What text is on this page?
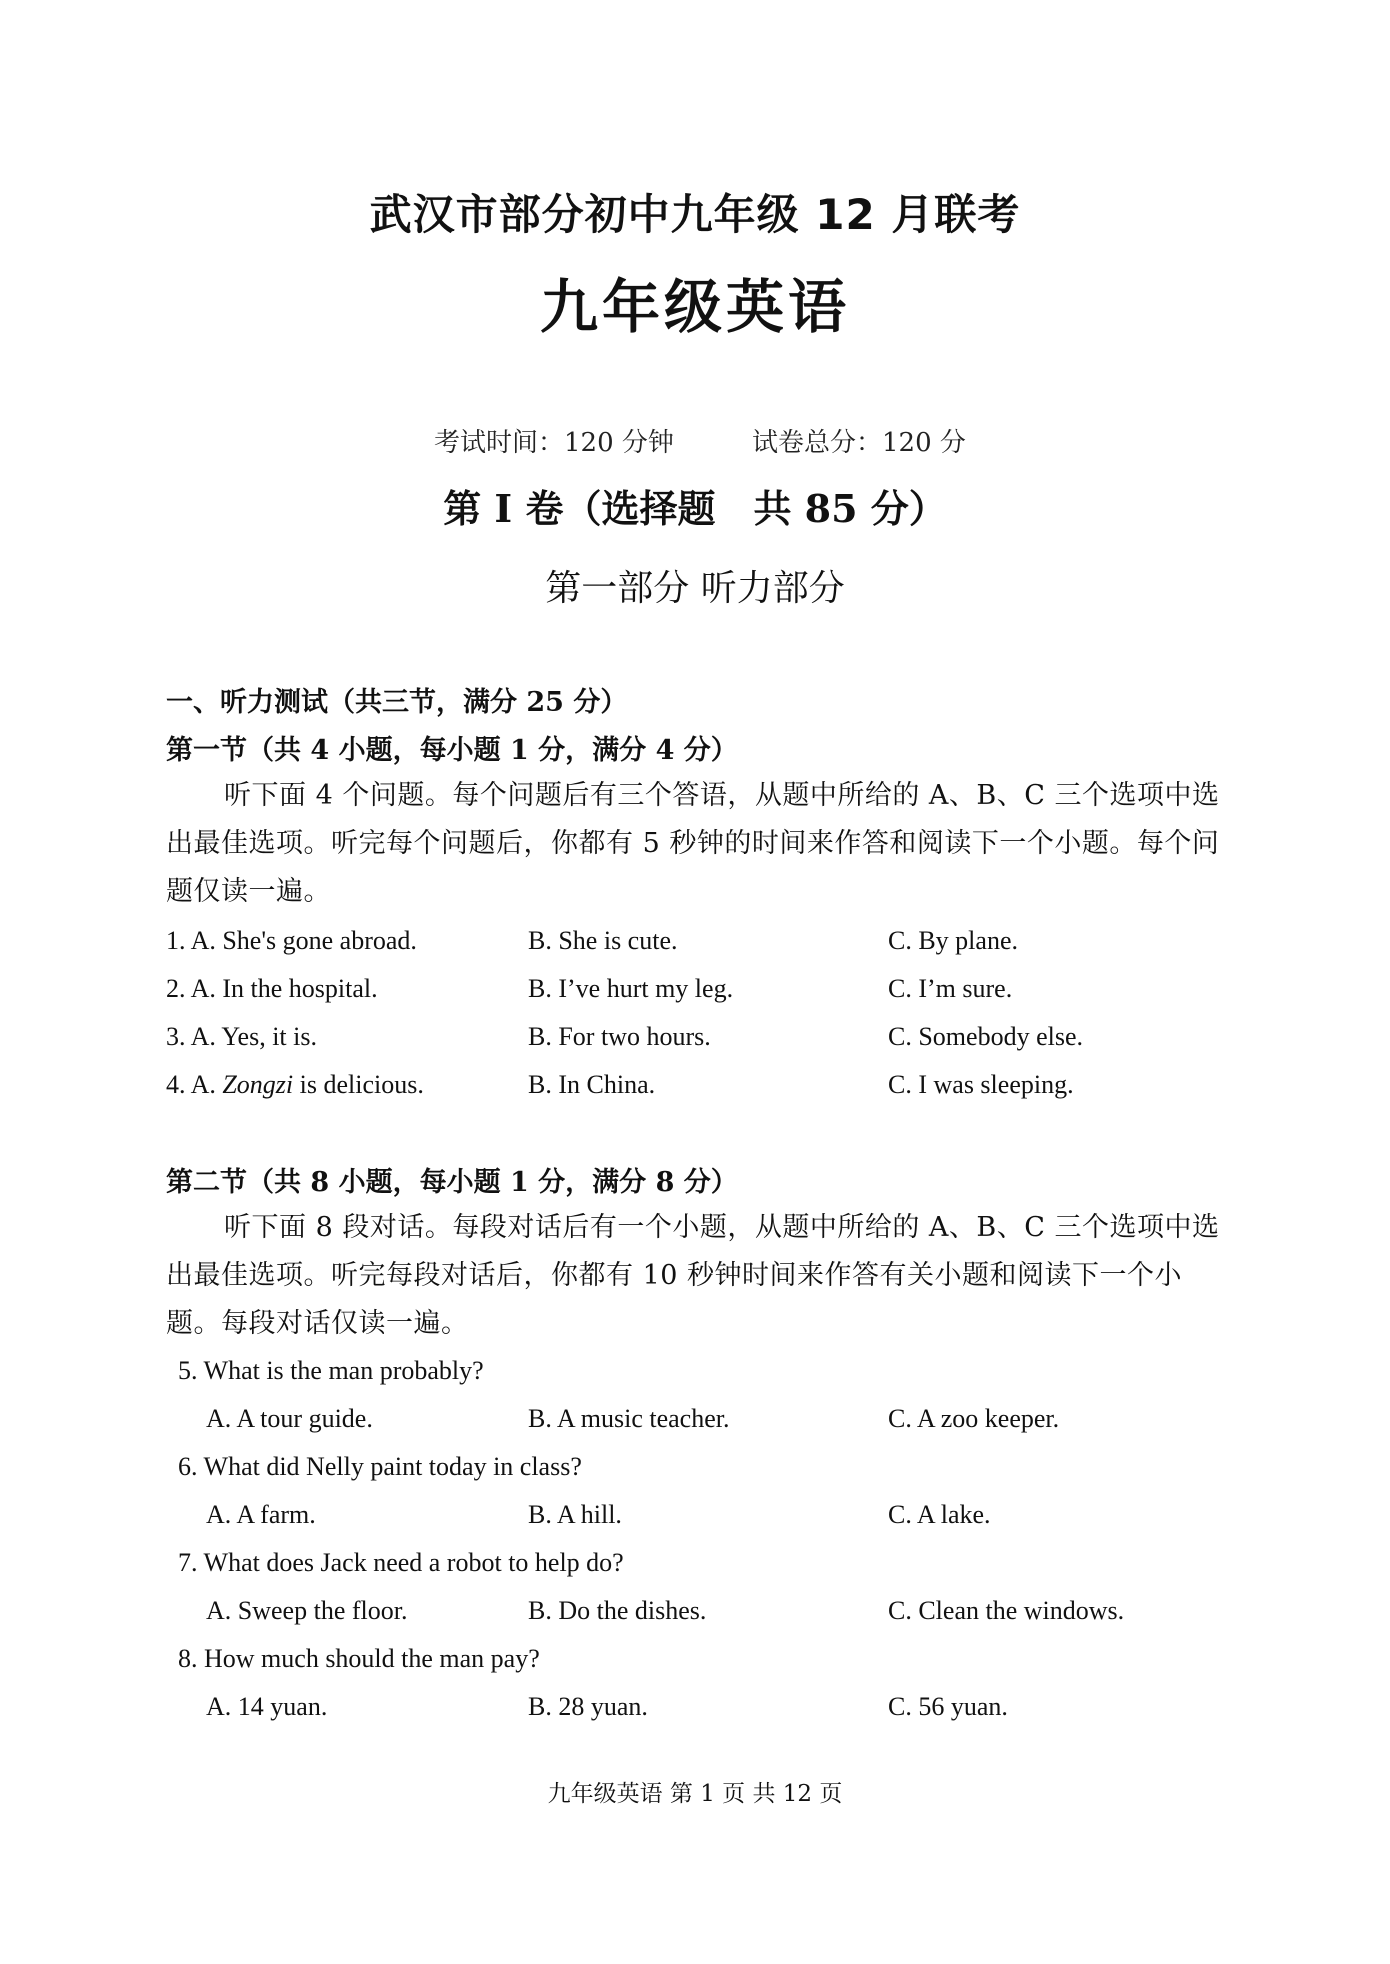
武汉市部分初中九年级 12 月联考
九年级英语
考试时间：120 分钟	试卷总分：120 分
第 I 卷（选择题　共 85 分）
第一部分 听力部分
一、听力测试（共三节，满分 25 分）
第一节（共 4 小题，每小题 1 分，满分 4 分）
听下面 4 个问题。每个问题后有三个答语，从题中所给的 A、B、C 三个选项中选出最佳选项。听完每个问题后，你都有 5 秒钟的时间来作答和阅读下一个小题。每个问题仅读一遍。
1. A. She's gone abroad.	B. She is cute.	C. By plane.
2. A. In the hospital.	B. I’ve hurt my leg.	C. I’m sure.
3. A. Yes, it is.	B. For two hours.	C. Somebody else.
4. A. Zongzi is delicious.	B. In China.	C. I was sleeping.
第二节（共 8 小题，每小题 1 分，满分 8 分）
听下面 8 段对话。每段对话后有一个小题，从题中所给的 A、B、C 三个选项中选出最佳选项。听完每段对话后，你都有 10 秒钟时间来作答有关小题和阅读下一个小题。每段对话仅读一遍。
5. What is the man probably?
A. A tour guide.	B. A music teacher.	C. A zoo keeper.
6. What did Nelly paint today in class?
A. A farm.	B. A hill.	C. A lake.
7. What does Jack need a robot to help do?
A. Sweep the floor.	B. Do the dishes.	C. Clean the windows.
8. How much should the man pay?
A. 14 yuan.	B. 28 yuan.	C. 56 yuan.
九年级英语 第 1 页 共 12 页
